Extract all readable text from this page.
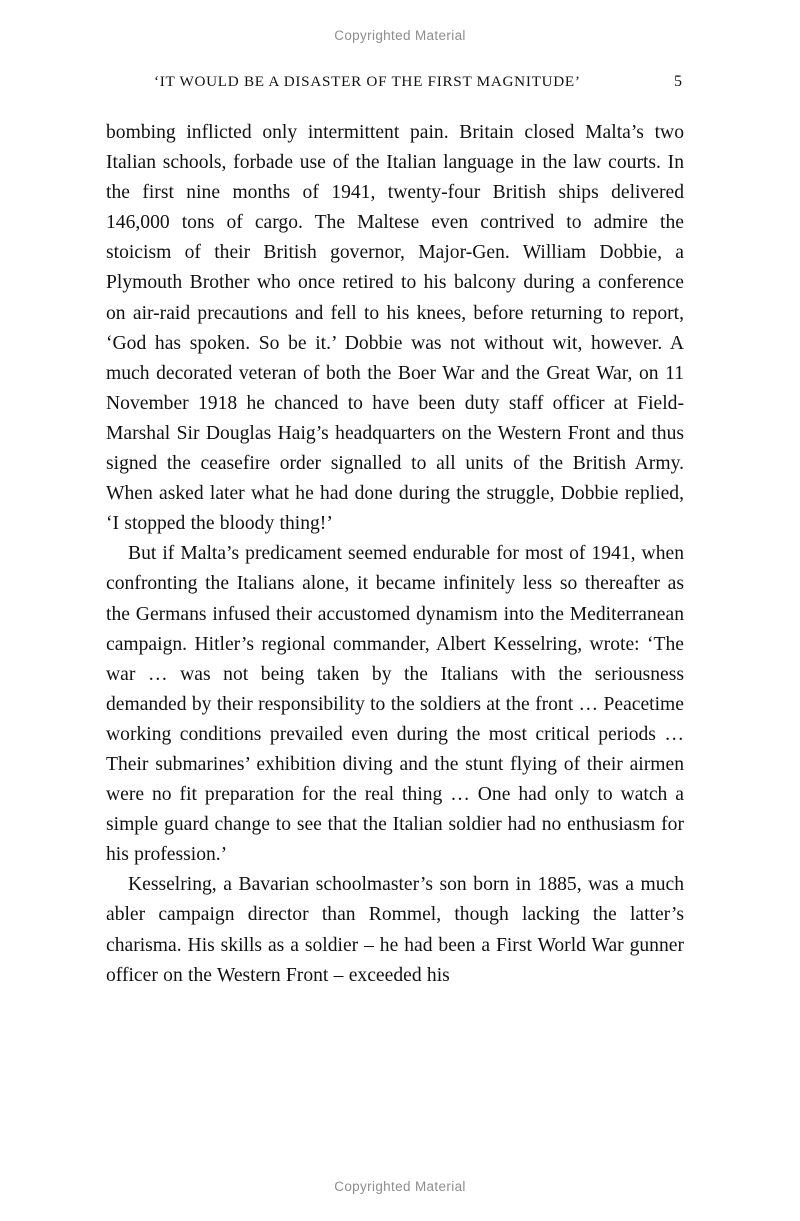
Copyrighted Material
‘IT WOULD BE A DISASTER OF THE FIRST MAGNITUDE’	5

bombing inflicted only intermittent pain. Britain closed Malta’s two Italian schools, forbade use of the Italian language in the law courts. In the first nine months of 1941, twenty-four British ships delivered 146,000 tons of cargo. The Maltese even contrived to admire the stoicism of their British governor, Major-Gen. William Dobbie, a Plymouth Brother who once retired to his balcony during a conference on air-raid precautions and fell to his knees, before returning to report, ‘God has spoken. So be it.’ Dobbie was not without wit, however. A much decorated veteran of both the Boer War and the Great War, on 11 November 1918 he chanced to have been duty staff officer at Field-Marshal Sir Douglas Haig’s headquarters on the Western Front and thus signed the ceasefire order signalled to all units of the British Army. When asked later what he had done during the struggle, Dobbie replied, ‘I stopped the bloody thing!’

But if Malta’s predicament seemed endurable for most of 1941, when confronting the Italians alone, it became infinitely less so thereafter as the Germans infused their accustomed dynamism into the Mediterranean campaign. Hitler’s regional commander, Albert Kesselring, wrote: ‘The war … was not being taken by the Italians with the seriousness demanded by their responsibility to the soldiers at the front … Peacetime working conditions prevailed even during the most critical periods … Their submarines’ exhibition diving and the stunt flying of their airmen were no fit preparation for the real thing … One had only to watch a simple guard change to see that the Italian soldier had no enthusiasm for his profession.’

Kesselring, a Bavarian schoolmaster’s son born in 1885, was a much abler campaign director than Rommel, though lacking the latter’s charisma. His skills as a soldier – he had been a First World War gunner officer on the Western Front – exceeded his

Copyrighted Material
